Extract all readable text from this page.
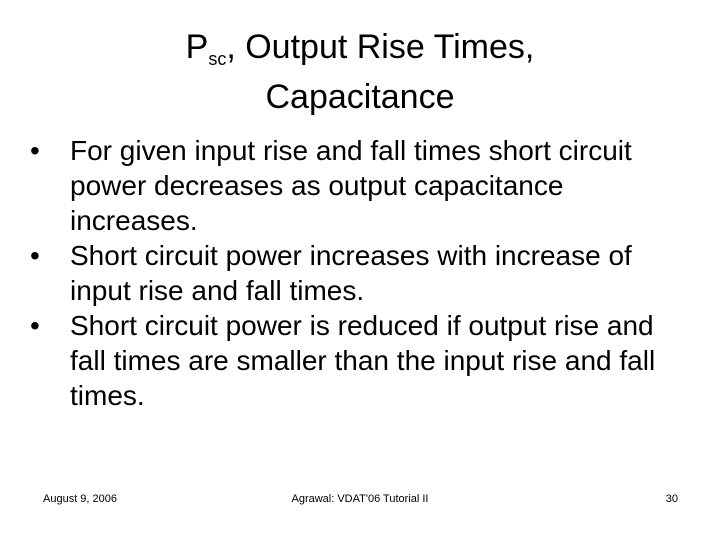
$P_{sc}$, Output Rise Times,
Capacitance
•	For given input rise and fall times short circuit power decreases as output capacitance increases.
•	Short circuit power increases with increase of input rise and fall times.
•	Short circuit power is reduced if output rise and fall times are smaller than the input rise and fall times.
August 9, 2006	Agrawal: VDAT'06 Tutorial II	30
